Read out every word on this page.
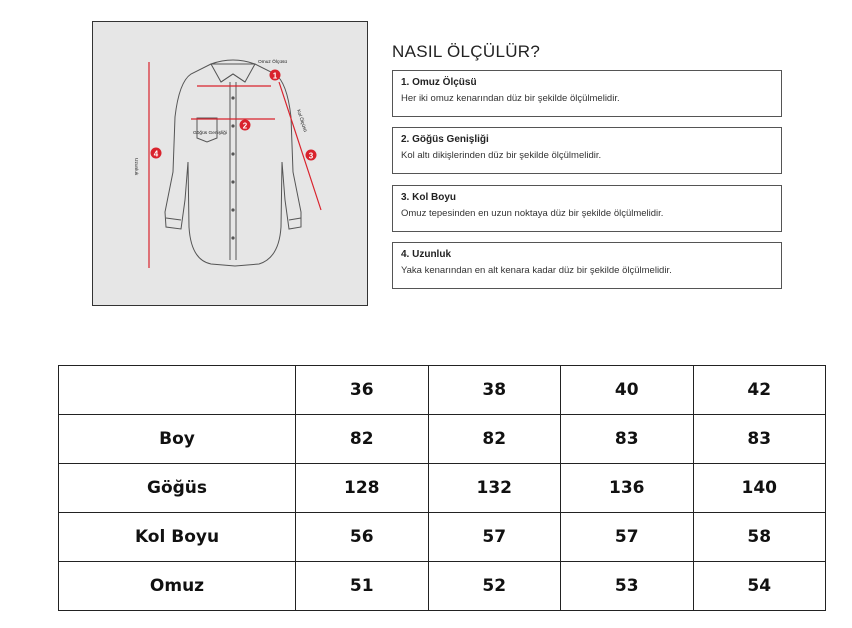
1
2
3
4
Omuz Ölçüsü
Göğüs Genişliği
Kol Ölçüsü
Uzunluk
NASIL ÖLÇÜLÜR?
1. Omuz Ölçüsü
Her iki omuz kenarından düz bir şekilde ölçülmelidir.
2. Göğüs Genişliği
Kol altı dikişlerinden düz bir şekilde ölçülmelidir.
3. Kol Boyu
Omuz tepesinden en uzun noktaya düz bir şekilde ölçülmelidir.
4. Uzunluk
Yaka kenarından en alt kenara kadar düz bir şekilde ölçülmelidir.
	36	38	40	42
Boy	82	82	83	83
Göğüs	128	132	136	140
Kol Boyu	56	57	57	58
Omuz	51	52	53	54
